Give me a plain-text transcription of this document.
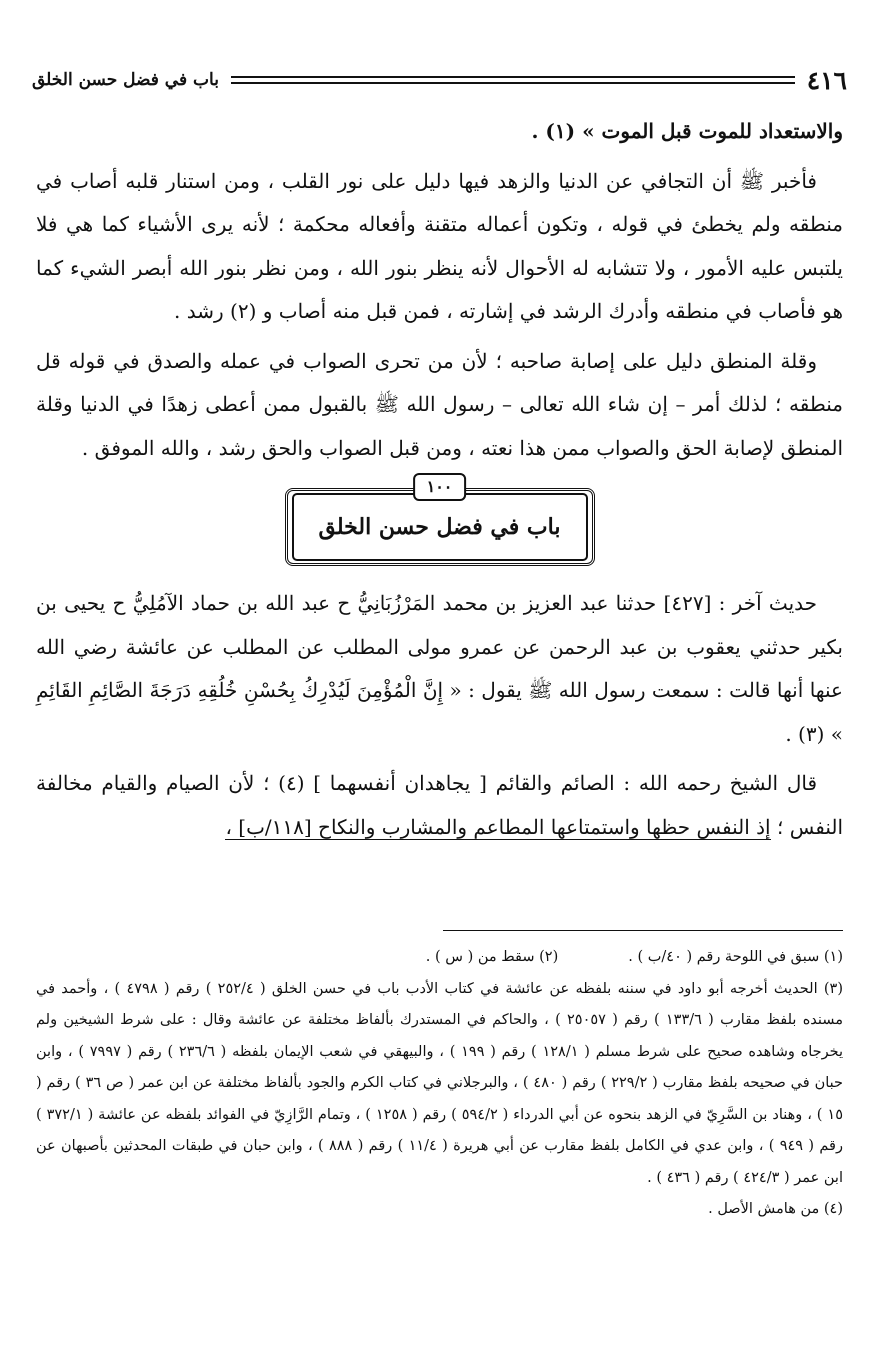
٤١٦
باب في فضل حسن الخلق

والاستعداد للموت قبل الموت » (١) .

فأخبر ﷺ أن التجافي عن الدنيا والزهد فيها دليل على نور القلب ، ومن استنار قلبه أصاب في منطقه ولم يخطئ في قوله ، وتكون أعماله متقنة وأفعاله محكمة ؛ لأنه يرى الأشياء كما هي فلا يلتبس عليه الأمور ، ولا تتشابه له الأحوال لأنه ينظر بنور الله ، ومن نظر بنور الله أبصر الشيء كما هو فأصاب في منطقه وأدرك الرشد في إشارته ، فمن قبل منه أصاب و (٢) رشد .

وقلة المنطق دليل على إصابة صاحبه ؛ لأن من تحرى الصواب في عمله والصدق في قوله قل منطقه ؛ لذلك أمر – إن شاء الله تعالى – رسول الله ﷺ بالقبول ممن أعطى زهدًا في الدنيا وقلة المنطق لإصابة الحق والصواب ممن هذا نعته ، ومن قبل الصواب والحق رشد ، والله الموفق .

١٠٠
باب في فضل حسن الخلق

حديث آخر : [٤٢٧] حدثنا عبد العزيز بن محمد المَرْزُبَانِيُّ ح عبد الله بن حماد الآمُلِيُّ ح يحيى بن بكير حدثني يعقوب بن عبد الرحمن عن عمرو مولى المطلب عن المطلب عن عائشة رضي الله عنها أنها قالت : سمعت رسول الله ﷺ يقول : « إِنَّ الْمُؤْمِنَ لَيُدْرِكُ بِحُسْنِ خُلُقِهِ دَرَجَةَ الصَّائِمِ القَائِمِ » (٣) .

قال الشيخ رحمه الله : الصائم والقائم [ يجاهدان أنفسهما ] (٤) ؛ لأن الصيام والقيام مخالفة النفس ؛ إذ النفس حظها واستمتاعها المطاعم والمشارب والنكاح [١١٨/ب] ،

(١) سبق في اللوحة رقم ( ٤٠/ب ) .
(٢) سقط من ( س ) .

(٣) الحديث أخرجه أبو داود في سننه بلفظه عن عائشة في كتاب الأدب باب في حسن الخلق ( ٢٥٢/٤ ) رقم ( ٤٧٩٨ ) ، وأحمد في مسنده بلفظ مقارب ( ١٣٣/٦ ) رقم ( ٢٥٠٥٧ ) ، والحاكم في المستدرك بألفاظ مختلفة عن عائشة وقال : على شرط الشيخين ولم يخرجاه وشاهده صحيح على شرط مسلم ( ١٢٨/١ ) رقم ( ١٩٩ ) ، والبيهقي في شعب الإيمان بلفظه ( ٢٣٦/٦ ) رقم ( ٧٩٩٧ ) ، وابن حبان في صحيحه بلفظ مقارب ( ٢٢٩/٢ ) رقم ( ٤٨٠ ) ، والبرجلاني في كتاب الكرم والجود بألفاظ مختلفة عن ابن عمر ( ص ٣٦ ) رقم ( ١٥ ) ، وهناد بن السَّرِيّ في الزهد بنحوه عن أبي الدرداء ( ٥٩٤/٢ ) رقم ( ١٢٥٨ ) ، وتمام الرَّازِيّ في الفوائد بلفظه عن عائشة ( ٣٧٢/١ ) رقم ( ٩٤٩ ) ، وابن عدي في الكامل بلفظ مقارب عن أبي هريرة ( ١١/٤ ) رقم ( ٨٨٨ ) ، وابن حبان في طبقات المحدثين بأصبهان عن ابن عمر ( ٤٢٤/٣ ) رقم ( ٤٣٦ ) .

(٤) من هامش الأصل .
